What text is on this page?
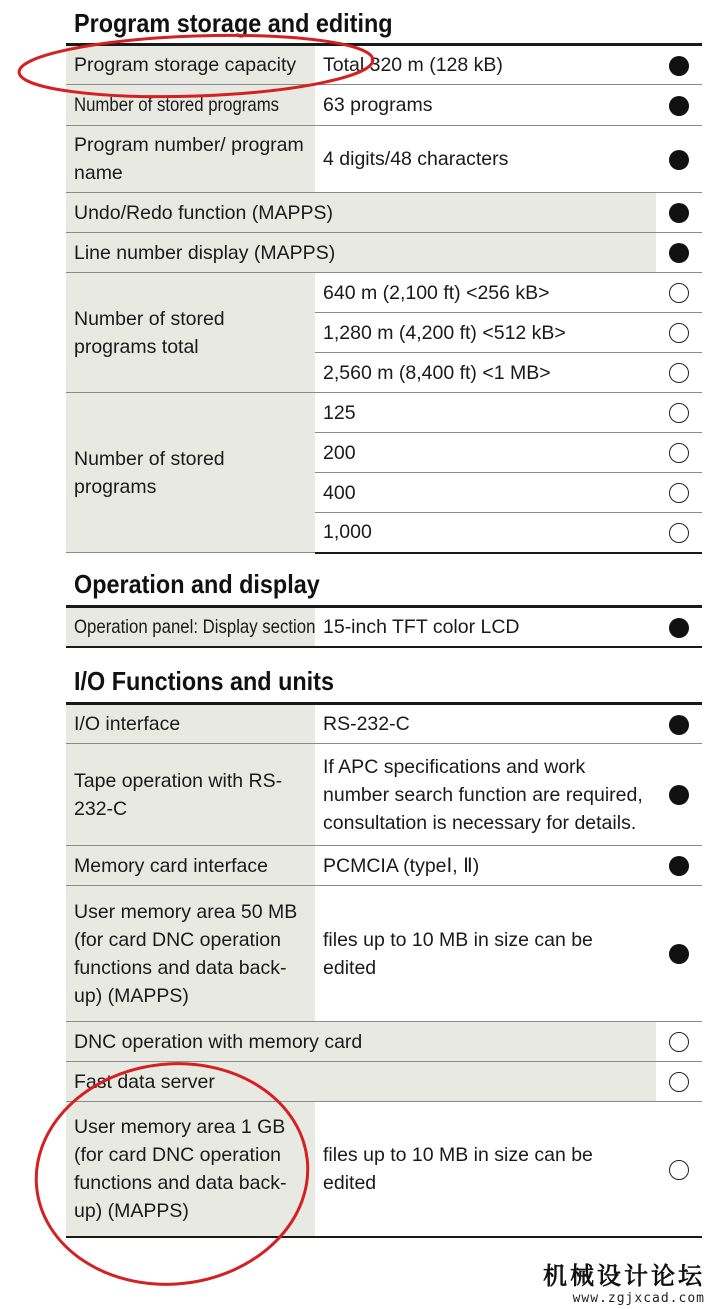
Program storage and editing
Program storage capacity	Total 320 m (128 kB)	
Number of stored programs	63 programs	
Program number/ program name	4 digits/48 characters	
Undo/Redo function (MAPPS)		
Line number display (MAPPS)		
Number of stored programs total	640 m (2,100 ft) <256 kB>	
	1,280 m (4,200 ft) <512 kB>	
	2,560 m (8,400 ft) <1 MB>	
Number of stored programs	125	
	200	
	400	
	1,000	
Operation and display
Operation panel: Display section	15-inch TFT color LCD	
I/O Functions and units
I/O interface	RS-232-C	
Tape operation with RS-232-C	If APC specifications and work number search function are required, consultation is necessary for details.	
Memory card interface	PCMCIA (typeⅠ, Ⅱ)	
User memory area 50 MB (for card DNC operation functions and data back-up) (MAPPS)	files up to 10 MB in size can be edited	
DNC operation with memory card		
Fast data server		
User memory area 1 GB (for card DNC operation functions and data back-up) (MAPPS)	files up to 10 MB in size can be edited	
机械设计论坛
www.zgjxcad.com
